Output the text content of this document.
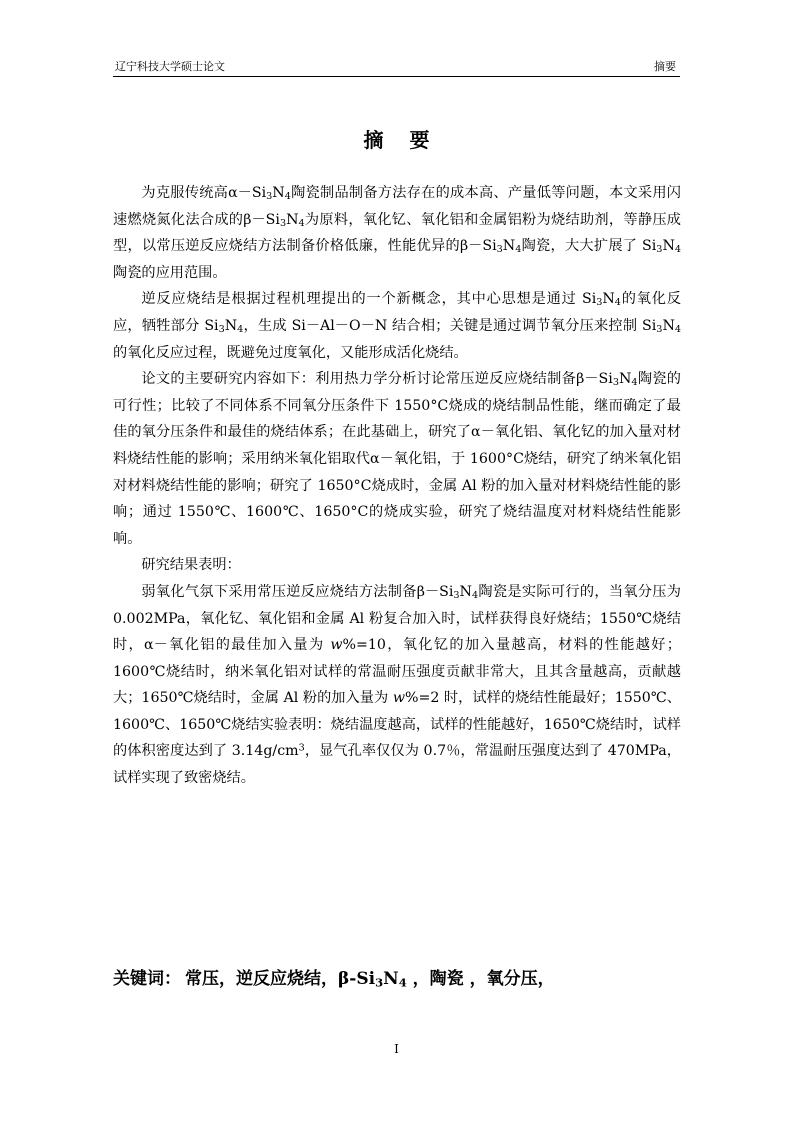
辽宁科技大学硕士论文	摘要
摘要

为克服传统高$\alpha-Si_3N_4$陶瓷制品制备方法存在的成本高、产量低等问题，本文采用闪速燃烧氮化法合成的$\beta-Si_3N_4$为原料，氧化钇、氧化铝和金属铝粉为烧结助剂，等静压成型，以常压逆反应烧结方法制备价格低廉，性能优异的$\beta-Si_3N_4$陶瓷，大大扩展了 $Si_3N_4$陶瓷的应用范围。

逆反应烧结是根据过程机理提出的一个新概念，其中心思想是通过 $Si_3N_4$的氧化反应，牺牲部分 $Si_3N_4$，生成 Si－Al－O－N 结合相；关键是通过调节氧分压来控制 $Si_3N_4$的氧化反应过程，既避免过度氧化，又能形成活化烧结。

论文的主要研究内容如下：利用热力学分析讨论常压逆反应烧结制备$\beta-Si_3N_4$陶瓷的可行性；比较了不同体系不同氧分压条件下 1550°C烧成的烧结制品性能，继而确定了最佳的氧分压条件和最佳的烧结体系；在此基础上，研究了α－氧化铝、氧化钇的加入量对材料烧结性能的影响；采用纳米氧化铝取代α－氧化铝，于 1600°C烧结，研究了纳米氧化铝对材料烧结性能的影响；研究了 1650°C烧成时，金属 Al 粉的加入量对材料烧结性能的影响；通过 1550℃、1600℃、1650°C的烧成实验，研究了烧结温度对材料烧结性能影响。

研究结果表明：

弱氧化气氛下采用常压逆反应烧结方法制备$\beta-Si_3N_4$陶瓷是实际可行的，当氧分压为 0.002MPa，氧化钇、氧化铝和金属 Al 粉复合加入时，试样获得良好烧结；1550℃烧结时，α－氧化铝的最佳加入量为 w%=10，氧化钇的加入量越高，材料的性能越好；1600℃烧结时，纳米氧化铝对试样的常温耐压强度贡献非常大，且其含量越高，贡献越大；1650℃烧结时，金属 Al 粉的加入量为 w%=2 时，试样的烧结性能最好；1550℃、1600℃、1650℃烧结实验表明：烧结温度越高，试样的性能越好，1650℃烧结时，试样的体积密度达到了 $3.14g/cm^3$，显气孔率仅仅为 0.7％，常温耐压强度达到了 470MPa，试样实现了致密烧结。

关键词： 常压，逆反应烧结，$\beta-Si_3N_4$ ，陶瓷 ，氧分压，
I
